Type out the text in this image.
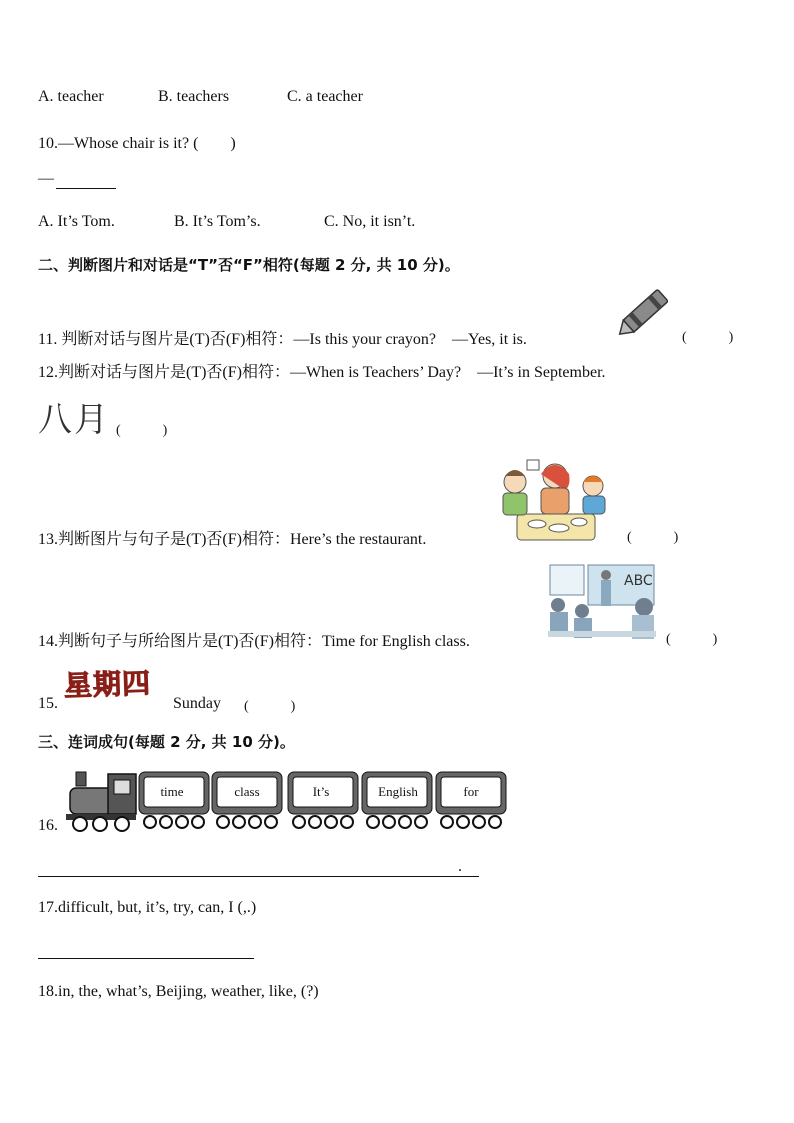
A. teacher	B. teachers	C. a teacher
10.—Whose chair is it? (　　)
—
A. It’s Tom.	B. It’s Tom’s.	C. No, it isn’t.
二、判断图片和对话是“T”否“F”相符(每题 2 分, 共 10 分)。
11. 判断对话与图片是(T)否(F)相符：—Is this your crayon?　—Yes, it is.	(　　　)
12.判断对话与图片是(T)否(F)相符：—When is Teachers’ Day?　—It’s in September.
八月 (　　　)
13.判断图片与句子是(T)否(F)相符：Here’s the restaurant.	(　　　)
14.判断句子与所给图片是(T)否(F)相符：Time for English class.
ABC
(　　　)
15.
星期四
Sunday (　　　)
三、连词成句(每题 2 分, 共 10 分)。
16.
time	class	It’s	English	for
.
17.difficult, but, it’s, try, can, I (,.)
18.in, the, what’s, Beijing, weather, like, (?)
